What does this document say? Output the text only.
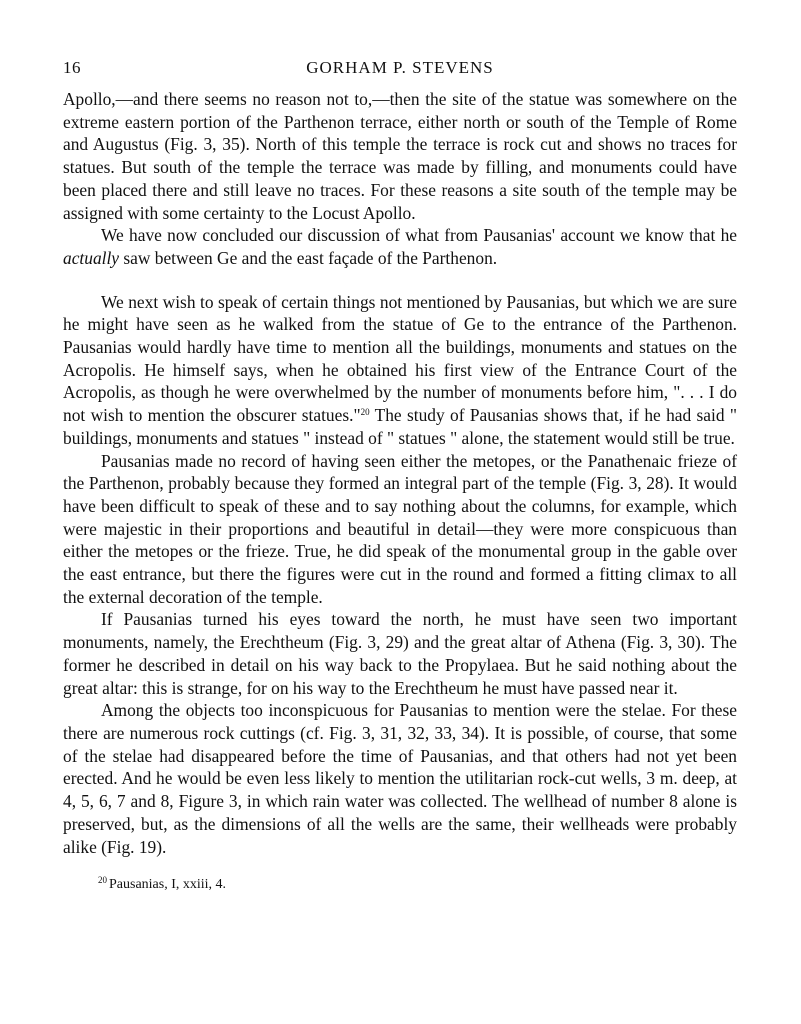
16	GORHAM P. STEVENS

Apollo,—and there seems no reason not to,—then the site of the statue was somewhere on the extreme eastern portion of the Parthenon terrace, either north or south of the Temple of Rome and Augustus (Fig. 3, 35). North of this temple the terrace is rock cut and shows no traces for statues. But south of the temple the terrace was made by filling, and monuments could have been placed there and still leave no traces. For these reasons a site south of the temple may be assigned with some certainty to the Locust Apollo.

We have now concluded our discussion of what from Pausanias' account we know that he actually saw between Ge and the east façade of the Parthenon.

We next wish to speak of certain things not mentioned by Pausanias, but which we are sure he might have seen as he walked from the statue of Ge to the entrance of the Parthenon. Pausanias would hardly have time to mention all the buildings, monuments and statues on the Acropolis. He himself says, when he obtained his first view of the Entrance Court of the Acropolis, as though he were overwhelmed by the number of monuments before him, ". . . I do not wish to mention the obscurer statues."$^{20}$ The study of Pausanias shows that, if he had said " buildings, monuments and statues " instead of " statues " alone, the statement would still be true.

Pausanias made no record of having seen either the metopes, or the Panathenaic frieze of the Parthenon, probably because they formed an integral part of the temple (Fig. 3, 28). It would have been difficult to speak of these and to say nothing about the columns, for example, which were majestic in their proportions and beautiful in detail—they were more conspicuous than either the metopes or the frieze. True, he did speak of the monumental group in the gable over the east entrance, but there the figures were cut in the round and formed a fitting climax to all the external decoration of the temple.

If Pausanias turned his eyes toward the north, he must have seen two important monuments, namely, the Erechtheum (Fig. 3, 29) and the great altar of Athena (Fig. 3, 30). The former he described in detail on his way back to the Propylaea. But he said nothing about the great altar: this is strange, for on his way to the Erechtheum he must have passed near it.

Among the objects too inconspicuous for Pausanias to mention were the stelae. For these there are numerous rock cuttings (cf. Fig. 3, 31, 32, 33, 34). It is possible, of course, that some of the stelae had disappeared before the time of Pausanias, and that others had not yet been erected. And he would be even less likely to mention the utilitarian rock-cut wells, 3 m. deep, at 4, 5, 6, 7 and 8, Figure 3, in which rain water was collected. The wellhead of number 8 alone is preserved, but, as the dimensions of all the wells are the same, their wellheads were probably alike (Fig. 19).

$^{20}$ Pausanias, I, xxiii, 4.
